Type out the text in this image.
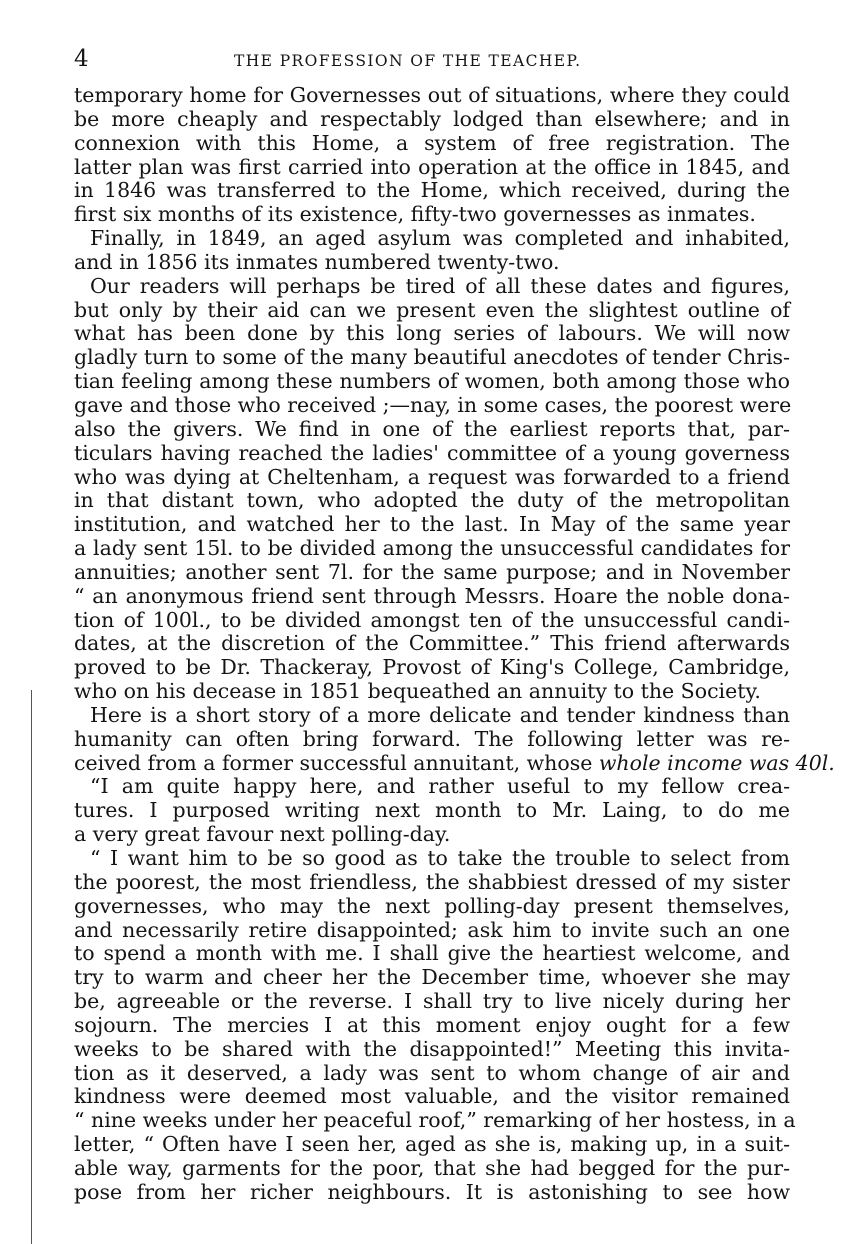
4	THE PROFESSION OF THE TEACHEP.
temporary home for Governesses out of situations, where they could
be more cheaply and respectably lodged than elsewhere; and in
connexion with this Home, a system of free registration. The
latter plan was first carried into operation at the office in 1845, and
in 1846 was transferred to the Home, which received, during the
first six months of its existence, fifty-two governesses as inmates.
Finally, in 1849, an aged asylum was completed and inhabited,
and in 1856 its inmates numbered twenty-two.
Our readers will perhaps be tired of all these dates and figures,
but only by their aid can we present even the slightest outline of
what has been done by this long series of labours. We will now
gladly turn to some of the many beautiful anecdotes of tender Chris-
tian feeling among these numbers of women, both among those who
gave and those who received ;—nay, in some cases, the poorest were
also the givers. We find in one of the earliest reports that, par-
ticulars having reached the ladies' committee of a young governess
who was dying at Cheltenham, a request was forwarded to a friend
in that distant town, who adopted the duty of the metropolitan
institution, and watched her to the last. In May of the same year
a lady sent 15l. to be divided among the unsuccessful candidates for
annuities; another sent 7l. for the same purpose; and in November
“ an anonymous friend sent through Messrs. Hoare the noble dona-
tion of 100l., to be divided amongst ten of the unsuccessful candi-
dates, at the discretion of the Committee.” This friend afterwards
proved to be Dr. Thackeray, Provost of King's College, Cambridge,
who on his decease in 1851 bequeathed an annuity to the Society.
Here is a short story of a more delicate and tender kindness than
humanity can often bring forward. The following letter was re-
ceived from a former successful annuitant, whose whole income was 40l.
“I am quite happy here, and rather useful to my fellow crea-
tures. I purposed writing next month to Mr. Laing, to do me
a very great favour next polling-day.
“ I want him to be so good as to take the trouble to select from
the poorest, the most friendless, the shabbiest dressed of my sister
governesses, who may the next polling-day present themselves,
and necessarily retire disappointed; ask him to invite such an one
to spend a month with me. I shall give the heartiest welcome, and
try to warm and cheer her the December time, whoever she may
be, agreeable or the reverse. I shall try to live nicely during her
sojourn. The mercies I at this moment enjoy ought for a few
weeks to be shared with the disappointed!” Meeting this invita-
tion as it deserved, a lady was sent to whom change of air and
kindness were deemed most valuable, and the visitor remained
“ nine weeks under her peaceful roof,” remarking of her hostess, in a
letter, “ Often have I seen her, aged as she is, making up, in a suit-
able way, garments for the poor, that she had begged for the pur-
pose from her richer neighbours. It is astonishing to see how
